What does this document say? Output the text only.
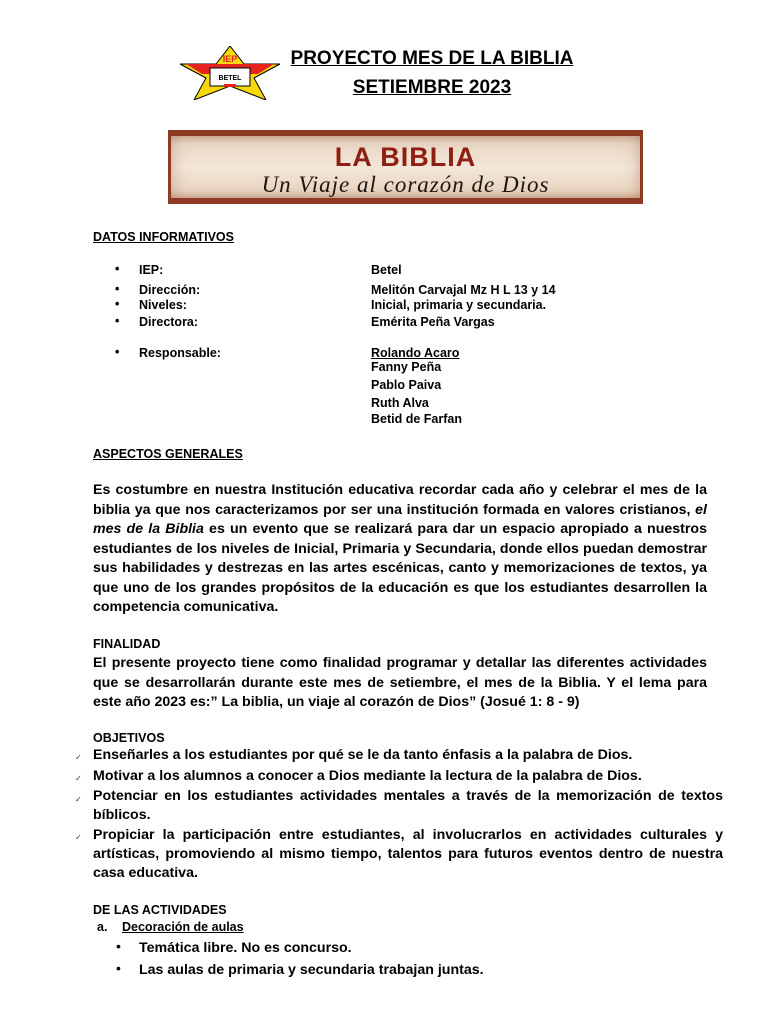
IEP
BETEL
PROYECTO MES DE LA BIBLIA
SETIEMBRE 2023
LA BIBLIA
Un Viaje al corazón de Dios
DATOS INFORMATIVOS
• IEP:	Betel
• Dirección:	Melitón Carvajal Mz H L 13 y 14
• Niveles:	Inicial, primaria y secundaria.
• Directora:	Emérita Peña Vargas
• Responsable:	Rolando Acaro
Fanny Peña
Pablo Paiva
Ruth Alva
Betid de Farfan
ASPECTOS GENERALES
Es costumbre en nuestra Institución educativa recordar cada año y celebrar el mes de la biblia ya que nos caracterizamos por ser una institución formada en valores cristianos, el mes de la Biblia es un evento que se realizará para dar un espacio apropiado a nuestros estudiantes de los niveles de Inicial, Primaria y Secundaria, donde ellos puedan demostrar sus habilidades y destrezas en las artes escénicas, canto y memorizaciones de textos, ya que uno de los grandes propósitos de la educación es que los estudiantes desarrollen la competencia comunicativa.
FINALIDAD
El presente proyecto tiene como finalidad programar y detallar las diferentes actividades que se desarrollarán durante este mes de setiembre, el mes de la Biblia. Y el lema para este año 2023 es:” La biblia, un viaje al corazón de Dios” (Josué 1: 8 - 9)
OBJETIVOS
✓ Enseñarles a los estudiantes por qué se le da tanto énfasis a la palabra de Dios.
✓ Motivar a los alumnos a conocer a Dios mediante la lectura de la palabra de Dios.
✓ Potenciar en los estudiantes actividades mentales a través de la memorización de textos bíblicos.
✓ Propiciar la participación entre estudiantes, al involucrarlos en actividades culturales y artísticas, promoviendo al mismo tiempo, talentos para futuros eventos dentro de nuestra casa educativa.
DE LAS ACTIVIDADES
a. Decoración de aulas
• Temática libre. No es concurso.
• Las aulas de primaria y secundaria trabajan juntas.
